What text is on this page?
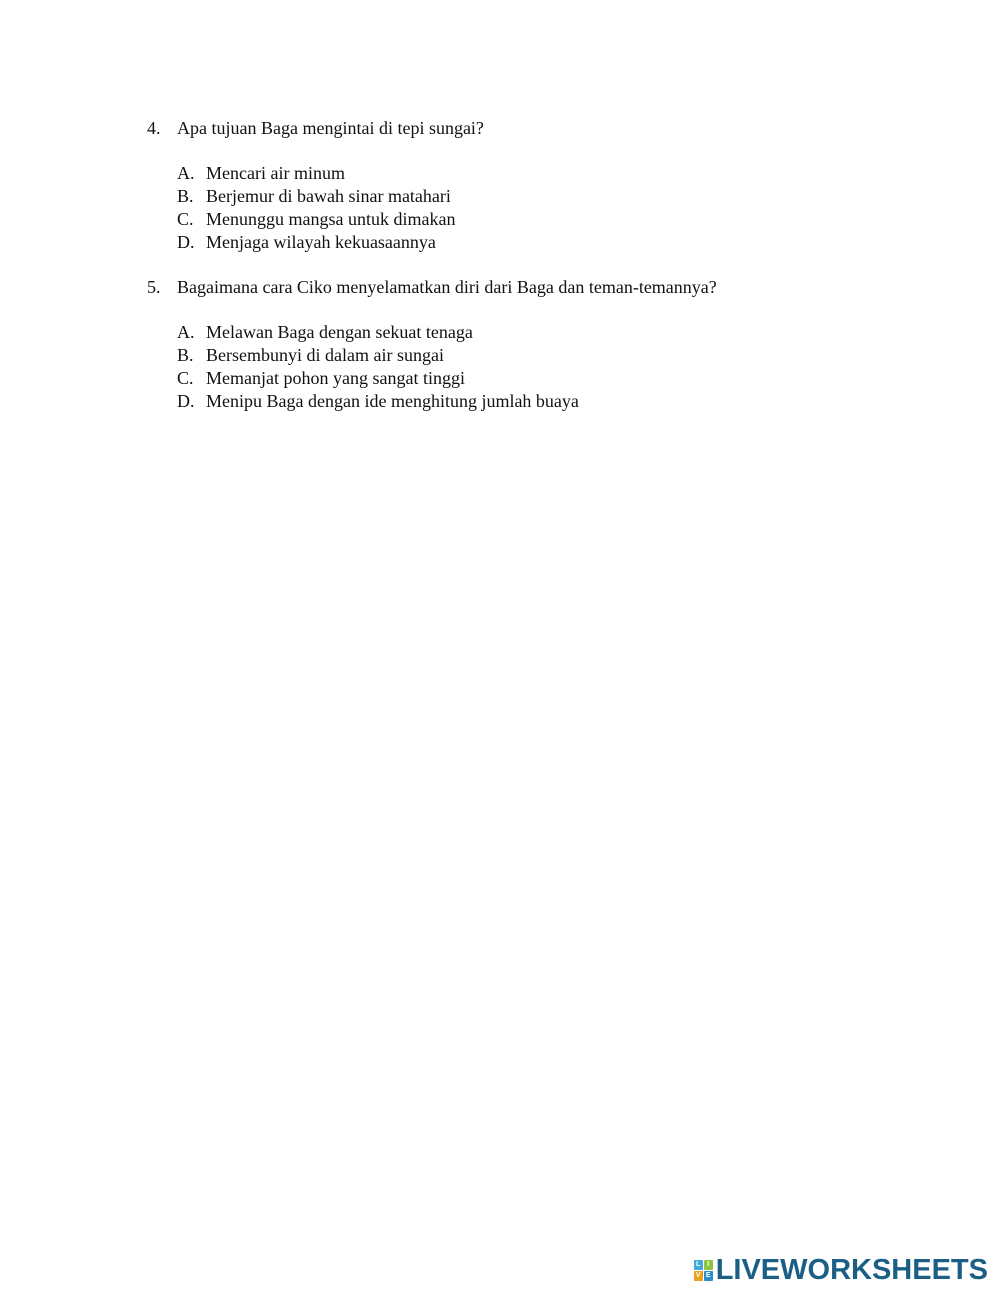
4. Apa tujuan Baga mengintai di tepi sungai?
A. Mencari air minum
B. Berjemur di bawah sinar matahari
C. Menunggu mangsa untuk dimakan
D. Menjaga wilayah kekuasaannya
5. Bagaimana cara Ciko menyelamatkan diri dari Baga dan teman-temannya?
A. Melawan Baga dengan sekuat tenaga
B. Bersembunyi di dalam air sungai
C. Memanjat pohon yang sangat tinggi
D. Menipu Baga dengan ide menghitung jumlah buaya
L I
V E LIVEWORKSHEETS
